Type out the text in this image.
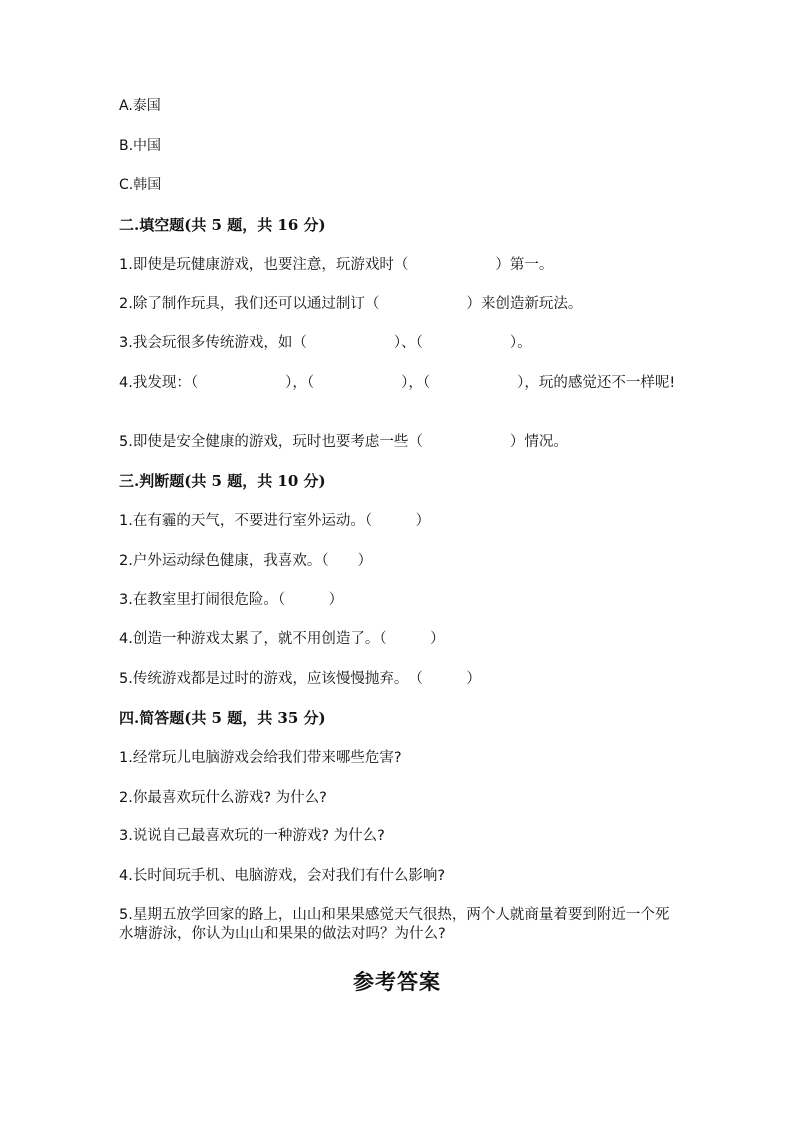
A.泰国
B.中国
C.韩国
二.填空题(共 5 题，共 16 分)
1.即使是玩健康游戏，也要注意，玩游戏时（　　　　　　）第一。
2.除了制作玩具，我们还可以通过制订（　　　　　　）来创造新玩法。
3.我会玩很多传统游戏，如（　　　　　　）、（　　　　　　）。
4.我发现：（　　　　　　），（　　　　　　），（　　　　　　），玩的感觉还不一样呢!
5.即使是安全健康的游戏，玩时也要考虑一些（　　　　　　）情况。
三.判断题(共 5 题，共 10 分)
1.在有霾的天气，不要进行室外运动。（　　　）
2.户外运动绿色健康，我喜欢。（　　）
3.在教室里打闹很危险。（　　　）
4.创造一种游戏太累了，就不用创造了。（　　　）
5.传统游戏都是过时的游戏，应该慢慢抛弃。　（　　　）
四.简答题(共 5 题，共 35 分)
1.经常玩儿电脑游戏会给我们带来哪些危害?
2.你最喜欢玩什么游戏? 为什么?
3.说说自己最喜欢玩的一种游戏? 为什么?
4.长时间玩手机、电脑游戏，会对我们有什么影响?
5.星期五放学回家的路上，山山和果果感觉天气很热，两个人就商量着要到附近一个死水塘游泳，你认为山山和果果的做法对吗？为什么?
参考答案
